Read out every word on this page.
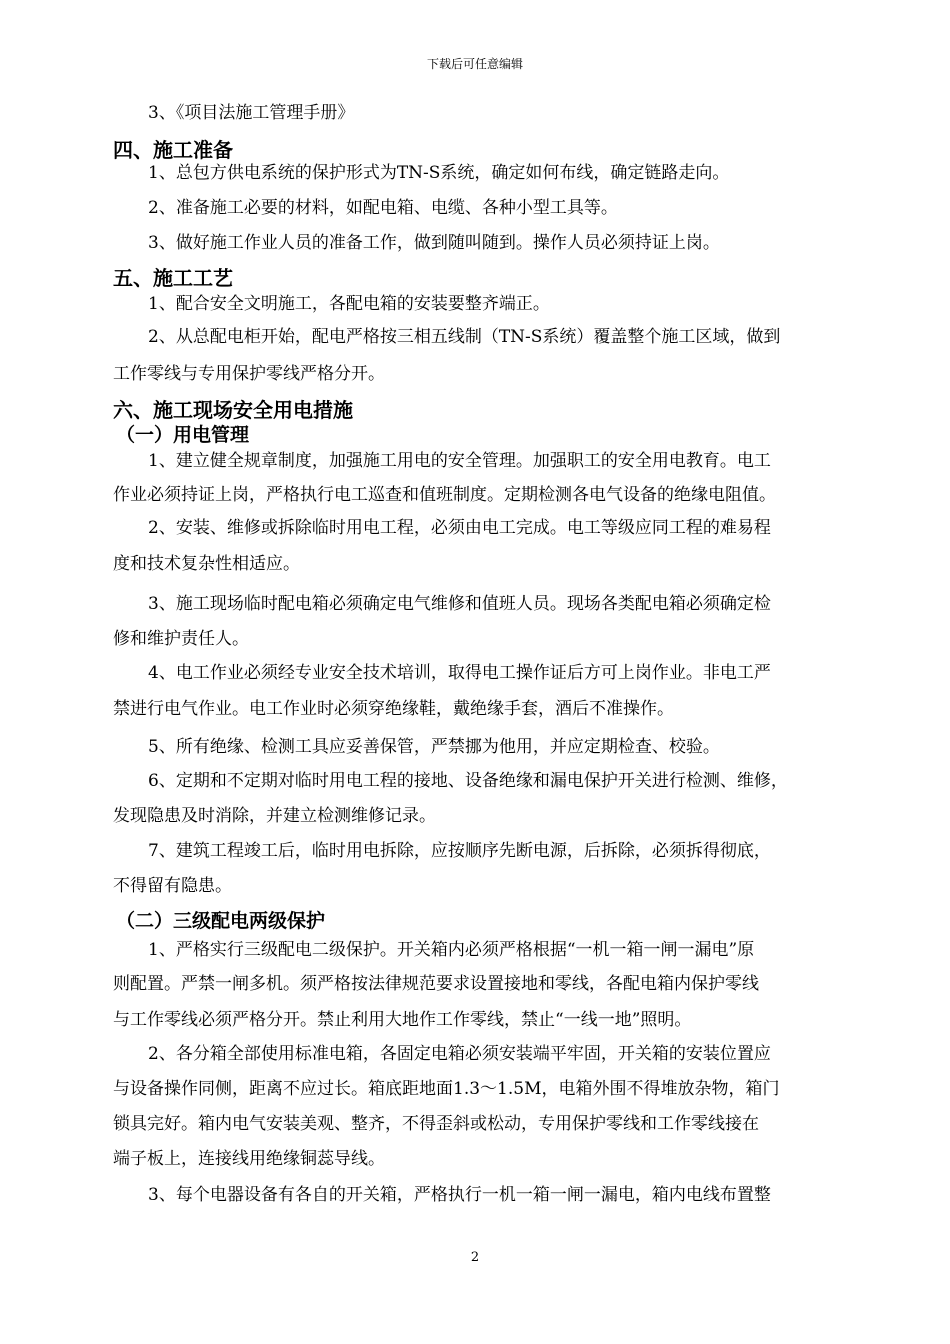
下载后可任意编辑
3、《项目法施工管理手册》
四、施工准备
1、总包方供电系统的保护形式为TN-S系统，确定如何布线，确定链路走向。
2、准备施工必要的材料，如配电箱、电缆、各种小型工具等。
3、做好施工作业人员的准备工作，做到随叫随到。操作人员必须持证上岗。
五、施工工艺
1、配合安全文明施工，各配电箱的安装要整齐端正。
2、从总配电柜开始，配电严格按三相五线制（TN-S系统）覆盖整个施工区域，做到
工作零线与专用保护零线严格分开。
六、施工现场安全用电措施
（一）用电管理
1、建立健全规章制度，加强施工用电的安全管理。加强职工的安全用电教育。电工
作业必须持证上岗，严格执行电工巡查和值班制度。定期检测各电气设备的绝缘电阻值。
2、安装、维修或拆除临时用电工程，必须由电工完成。电工等级应同工程的难易程
度和技术复杂性相适应。
3、施工现场临时配电箱必须确定电气维修和值班人员。现场各类配电箱必须确定检
修和维护责任人。
4、电工作业必须经专业安全技术培训，取得电工操作证后方可上岗作业。非电工严
禁进行电气作业。电工作业时必须穿绝缘鞋，戴绝缘手套，酒后不准操作。
5、所有绝缘、检测工具应妥善保管，严禁挪为他用，并应定期检查、校验。
6、定期和不定期对临时用电工程的接地、设备绝缘和漏电保护开关进行检测、维修，
发现隐患及时消除，并建立检测维修记录。
7、建筑工程竣工后，临时用电拆除，应按顺序先断电源，后拆除，必须拆得彻底，
不得留有隐患。
（二）三级配电两级保护
1、严格实行三级配电二级保护。开关箱内必须严格根据“一机一箱一闸一漏电”原
则配置。严禁一闸多机。须严格按法律规范要求设置接地和零线，各配电箱内保护零线
与工作零线必须严格分开。禁止利用大地作工作零线，禁止“一线一地”照明。
2、各分箱全部使用标准电箱，各固定电箱必须安装端平牢固，开关箱的安装位置应
与设备操作同侧，距离不应过长。箱底距地面1.3～1.5M，电箱外围不得堆放杂物，箱门
锁具完好。箱内电气安装美观、整齐，不得歪斜或松动，专用保护零线和工作零线接在
端子板上，连接线用绝缘铜蕊导线。
3、每个电器设备有各自的开关箱，严格执行一机一箱一闸一漏电，箱内电线布置整
2
